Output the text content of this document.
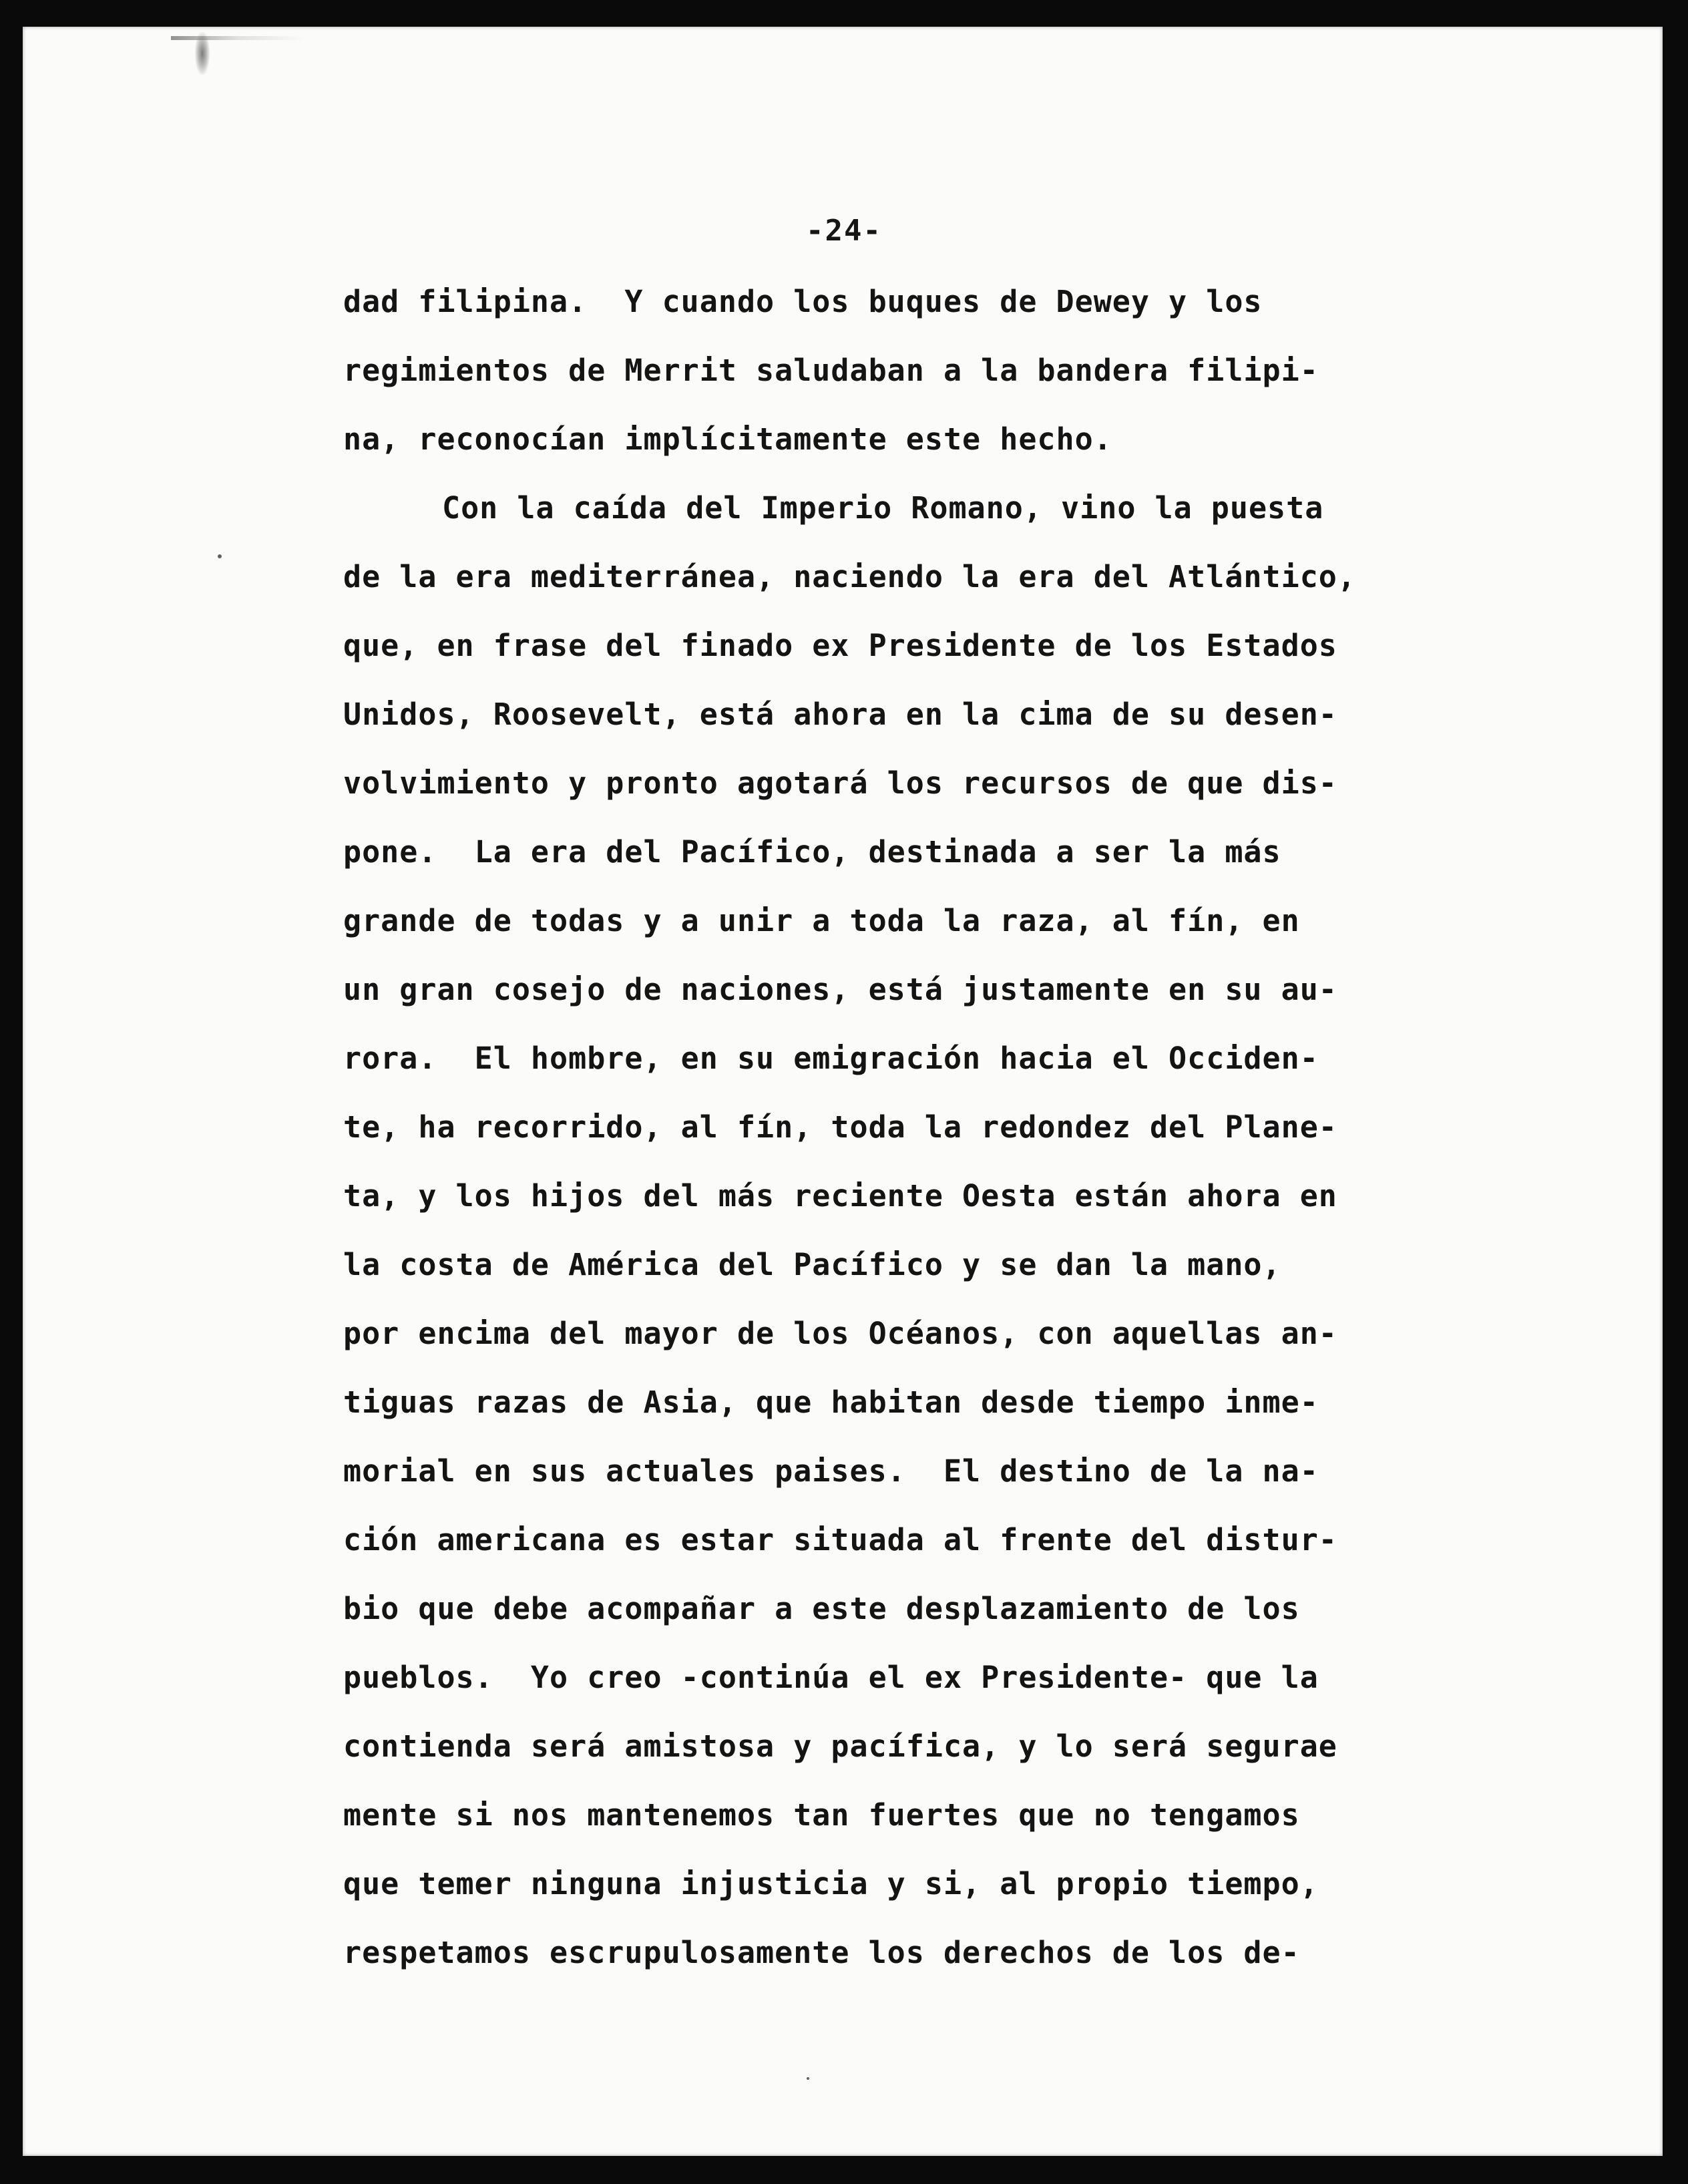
-24-
dad filipina.  Y cuando los buques de Dewey y los
regimientos de Merrit saludaban a la bandera filipi-
na, reconocían implícitamente este hecho.
Con la caída del Imperio Romano, vino la puesta
de la era mediterránea, naciendo la era del Atlántico,
que, en frase del finado ex Presidente de los Estados
Unidos, Roosevelt, está ahora en la cima de su desen-
volvimiento y pronto agotará los recursos de que dis-
pone.  La era del Pacífico, destinada a ser la más
grande de todas y a unir a toda la raza, al fín, en
un gran cosejo de naciones, está justamente en su au-
rora.  El hombre, en su emigración hacia el Occiden-
te, ha recorrido, al fín, toda la redondez del Plane-
ta, y los hijos del más reciente Oesta están ahora en
la costa de América del Pacífico y se dan la mano,
por encima del mayor de los Océanos, con aquellas an-
tiguas razas de Asia, que habitan desde tiempo inme-
morial en sus actuales paises.  El destino de la na-
ción americana es estar situada al frente del distur-
bio que debe acompañar a este desplazamiento de los
pueblos.  Yo creo -continúa el ex Presidente- que la
contienda será amistosa y pacífica, y lo será segurae
mente si nos mantenemos tan fuertes que no tengamos
que temer ninguna injusticia y si, al propio tiempo,
respetamos escrupulosamente los derechos de los de-
